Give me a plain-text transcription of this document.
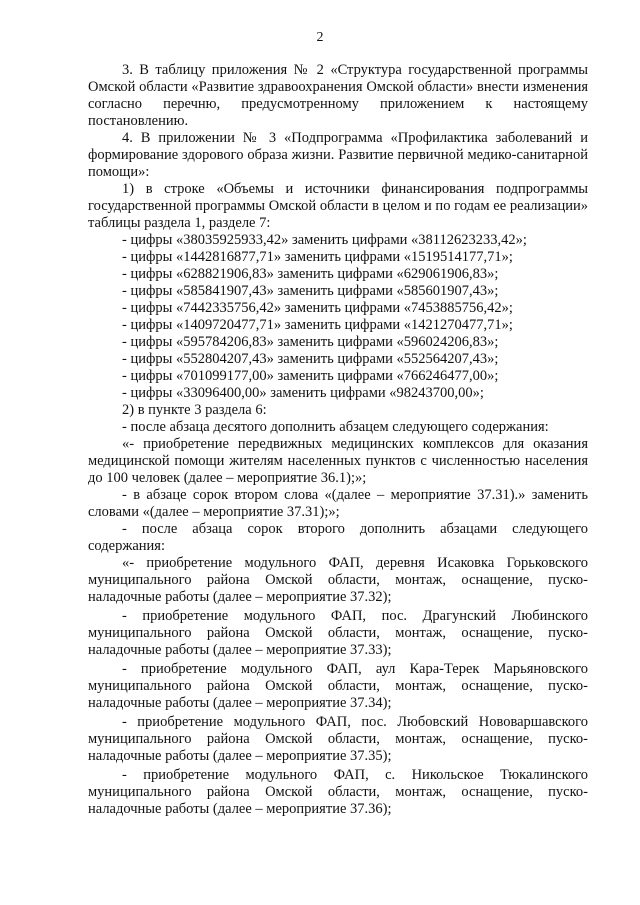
2

3. В таблицу приложения № 2 «Структура государственной программы Омской области «Развитие здравоохранения Омской области» внести изменения согласно перечню, предусмотренному приложением к настоящему постановлению.

4. В приложении № 3 «Подпрограмма «Профилактика заболеваний и формирование здорового образа жизни. Развитие первичной медико-санитарной помощи»:

1) в строке «Объемы и источники финансирования подпрограммы государственной программы Омской области в целом и по годам ее реализации» таблицы раздела 1, разделе 7:

- цифры «38035925933,42» заменить цифрами «38112623233,42»;

- цифры «1442816877,71» заменить цифрами «1519514177,71»;

- цифры «628821906,83» заменить цифрами «629061906,83»;

- цифры «585841907,43» заменить цифрами «585601907,43»;

- цифры «7442335756,42» заменить цифрами «7453885756,42»;

- цифры «1409720477,71» заменить цифрами «1421270477,71»;

- цифры «595784206,83» заменить цифрами «596024206,83»;

- цифры «552804207,43» заменить цифрами «552564207,43»;

- цифры «701099177,00» заменить цифрами «766246477,00»;

- цифры «33096400,00» заменить цифрами «98243700,00»;

2) в пункте 3 раздела 6:

- после абзаца десятого дополнить абзацем следующего содержания:

«- приобретение передвижных медицинских комплексов для оказания медицинской помощи жителям населенных пунктов с численностью населения до 100 человек (далее – мероприятие 36.1);»;

- в абзаце сорок втором слова «(далее – мероприятие 37.31).» заменить словами «(далее – мероприятие 37.31);»;

- после абзаца сорок второго дополнить абзацами следующего содержания:

«- приобретение модульного ФАП, деревня Исаковка Горьковского муниципального района Омской области, монтаж, оснащение, пуско-наладочные работы (далее – мероприятие 37.32);

- приобретение модульного ФАП, пос. Драгунский Любинского муниципального района Омской области, монтаж, оснащение, пуско-наладочные работы (далее – мероприятие 37.33);

- приобретение модульного ФАП, аул Кара-Терек Марьяновского муниципального района Омской области, монтаж, оснащение, пуско-наладочные работы (далее – мероприятие 37.34);

- приобретение модульного ФАП, пос. Любовский Нововаршавского муниципального района Омской области, монтаж, оснащение, пуско-наладочные работы (далее – мероприятие 37.35);

- приобретение модульного ФАП, с. Никольское Тюкалинского муниципального района Омской области, монтаж, оснащение, пуско-наладочные работы (далее – мероприятие 37.36);
